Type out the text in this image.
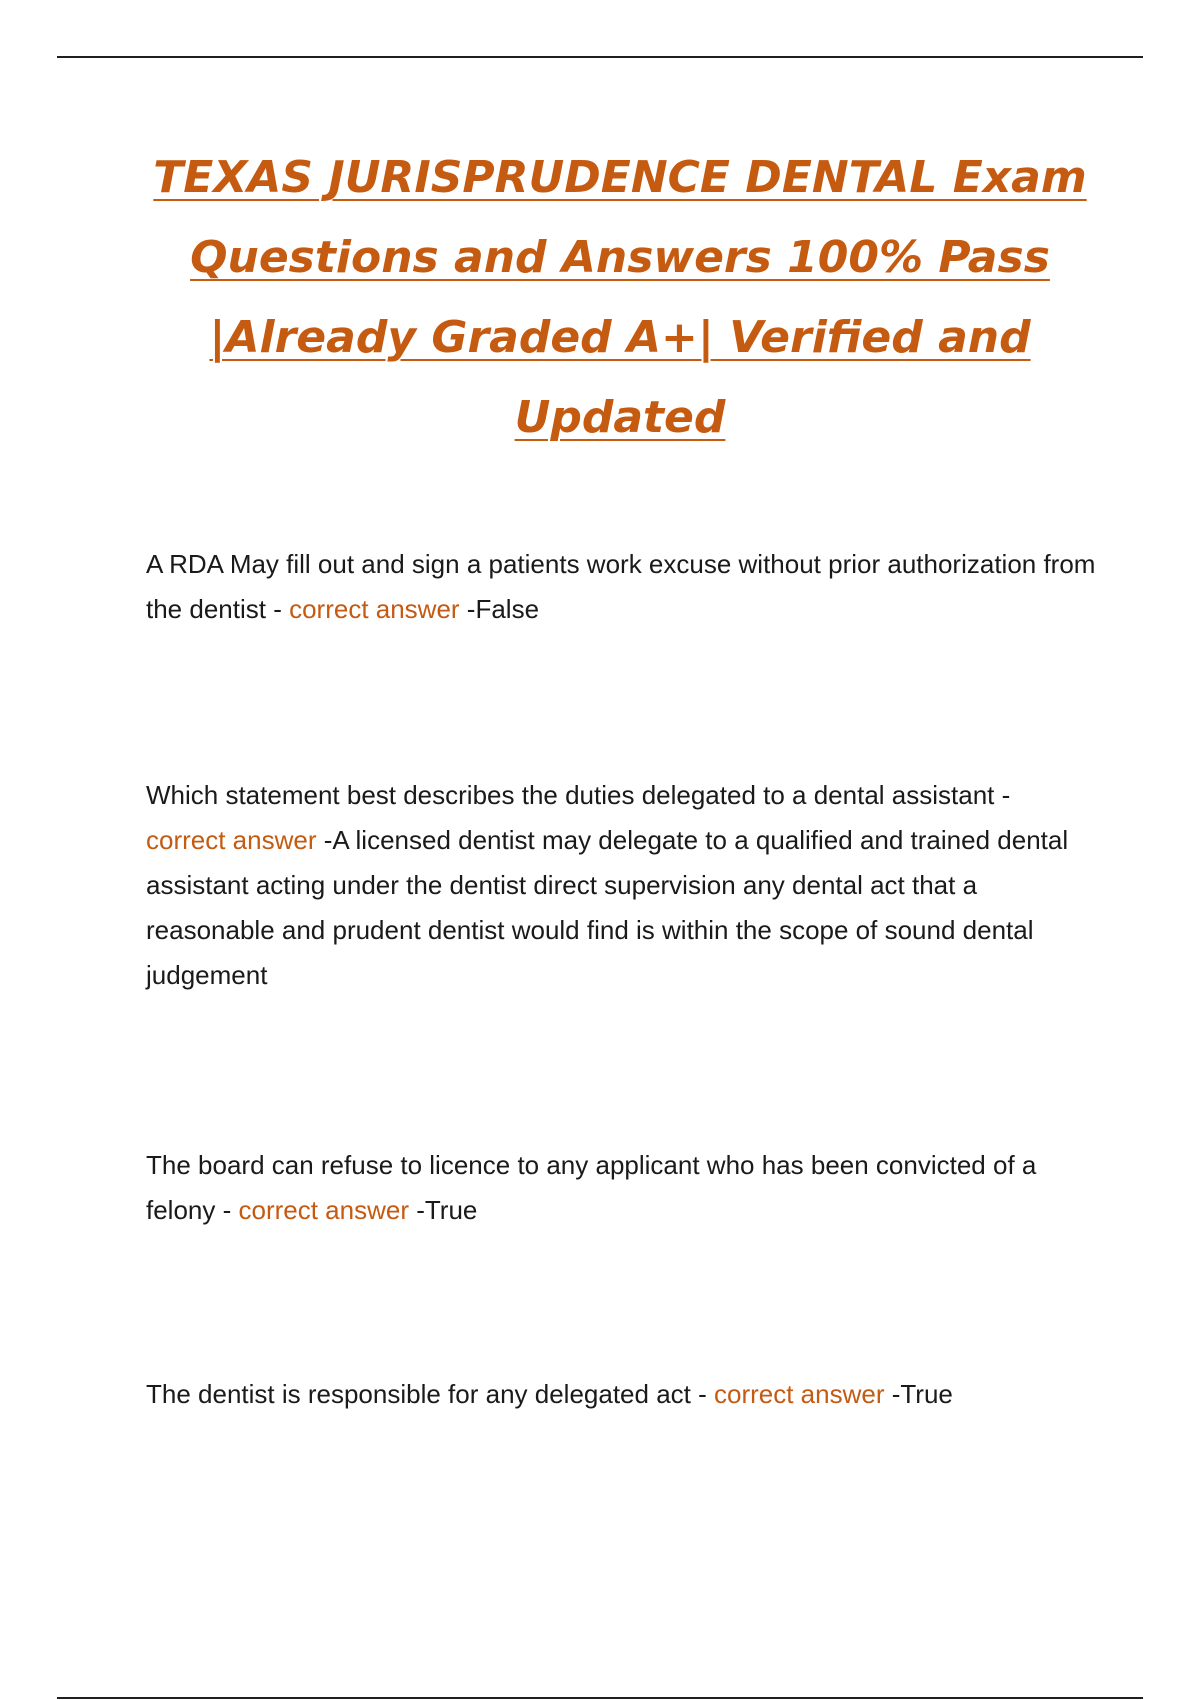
TEXAS JURISPRUDENCE DENTAL Exam
Questions and Answers 100% Pass
|Already Graded A+| Verified and
Updated

A RDA May fill out and sign a patients work excuse without prior authorization from the dentist - correct answer -False

Which statement best describes the duties delegated to a dental assistant - correct answer -A licensed dentist may delegate to a qualified and trained dental assistant acting under the dentist direct supervision any dental act that a reasonable and prudent dentist would find is within the scope of sound dental judgement

The board can refuse to licence to any applicant who has been convicted of a felony - correct answer -True

The dentist is responsible for any delegated act - correct answer -True
